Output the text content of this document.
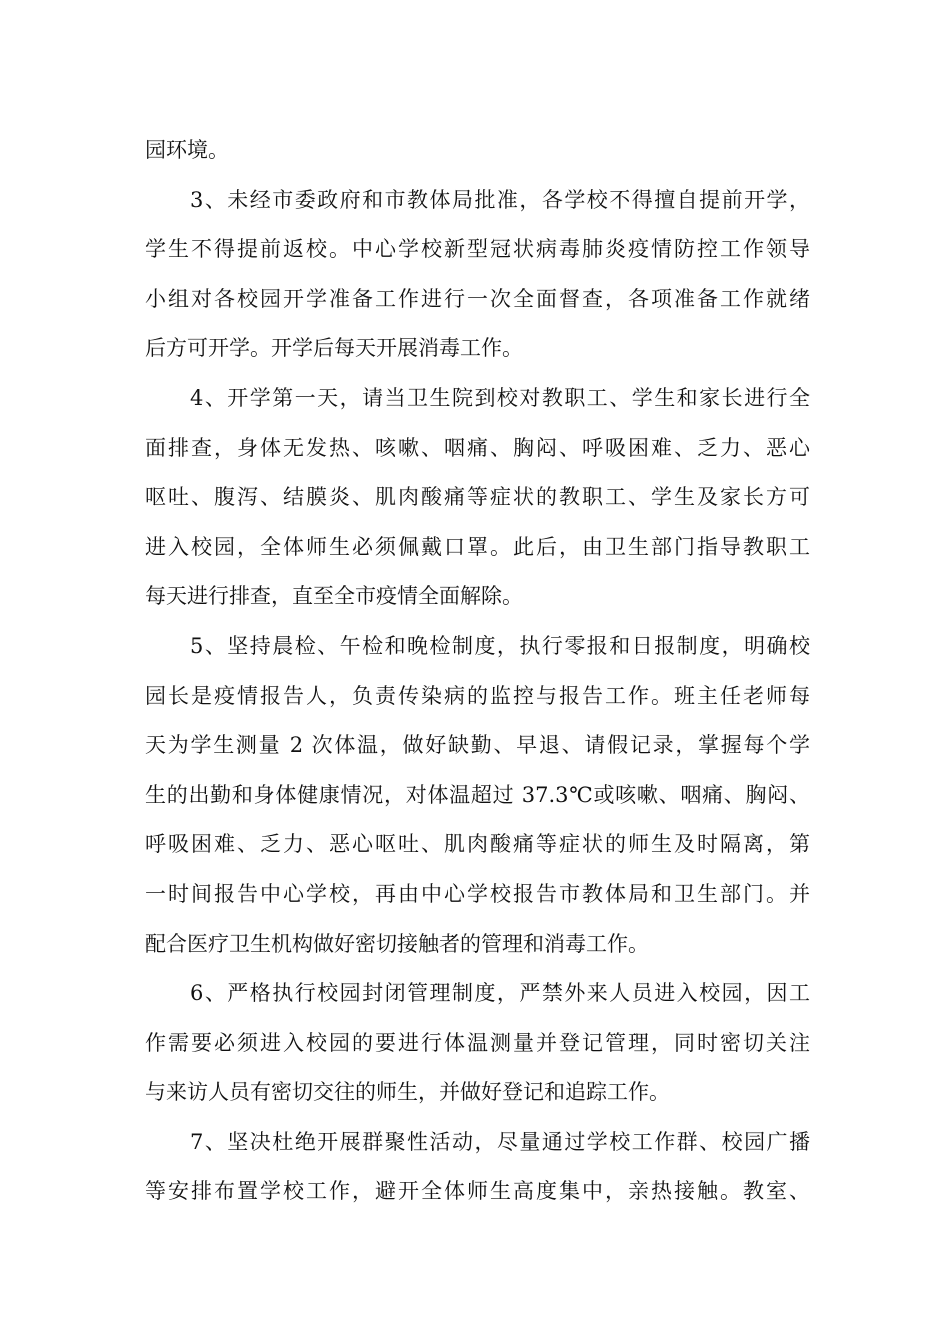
园环境。
3、未经市委政府和市教体局批准，各学校不得擅自提前开学，
学生不得提前返校。中心学校新型冠状病毒肺炎疫情防控工作领导
小组对各校园开学准备工作进行一次全面督查，各项准备工作就绪
后方可开学。开学后每天开展消毒工作。
4、开学第一天，请当卫生院到校对教职工、学生和家长进行全
面排查，身体无发热、咳嗽、咽痛、胸闷、呼吸困难、乏力、恶心
呕吐、腹泻、结膜炎、肌肉酸痛等症状的教职工、学生及家长方可
进入校园，全体师生必须佩戴口罩。此后，由卫生部门指导教职工
每天进行排查，直至全市疫情全面解除。
5、坚持晨检、午检和晚检制度，执行零报和日报制度，明确校
园长是疫情报告人，负责传染病的监控与报告工作。班主任老师每
天为学生测量 2 次体温，做好缺勤、早退、请假记录，掌握每个学
生的出勤和身体健康情况，对体温超过 37.3℃或咳嗽、咽痛、胸闷、
呼吸困难、乏力、恶心呕吐、肌肉酸痛等症状的师生及时隔离，第
一时间报告中心学校，再由中心学校报告市教体局和卫生部门。并
配合医疗卫生机构做好密切接触者的管理和消毒工作。
6、严格执行校园封闭管理制度，严禁外来人员进入校园，因工
作需要必须进入校园的要进行体温测量并登记管理，同时密切关注
与来访人员有密切交往的师生，并做好登记和追踪工作。
7、坚决杜绝开展群聚性活动，尽量通过学校工作群、校园广播
等安排布置学校工作，避开全体师生高度集中，亲热接触。教室、
